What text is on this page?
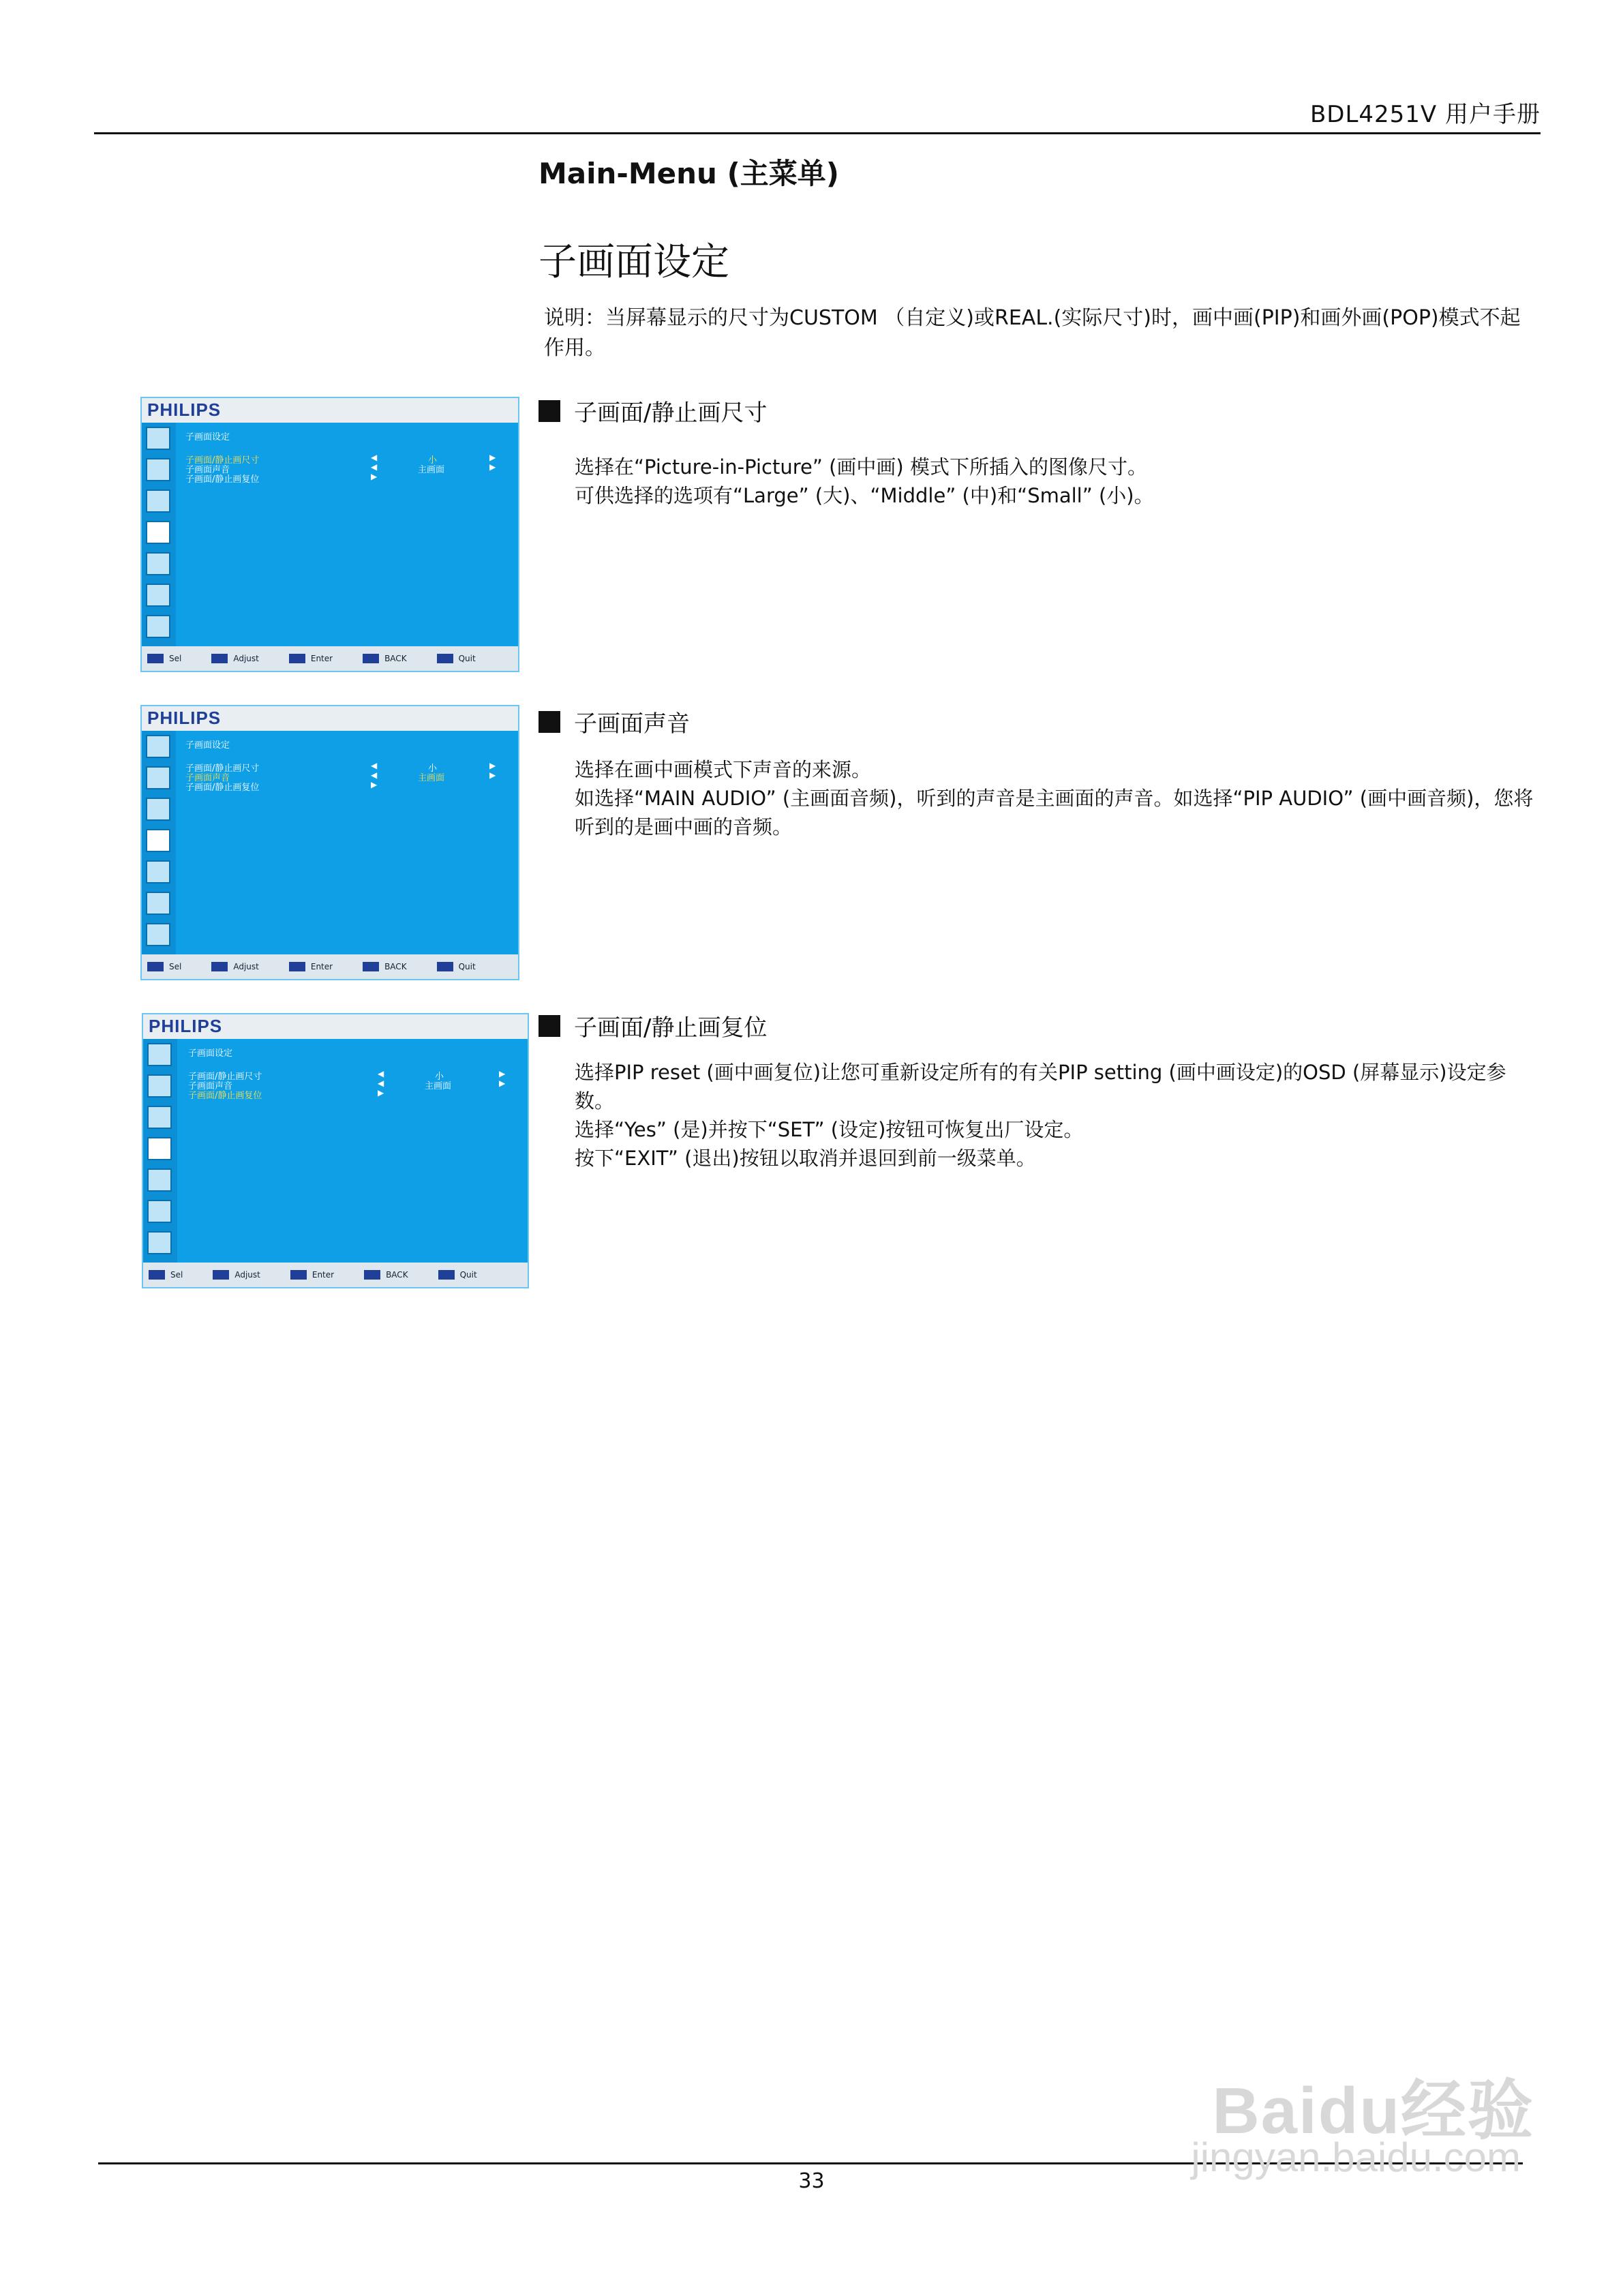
BDL4251V 用户手册
Main-Menu (主菜单)
子画面设定
说明：当屏幕显示的尺寸为CUSTOM （自定义)或REAL.(实际尺寸)时，画中画(PIP)和画外画(POP)模式不起作用。
子画面/静止画尺寸

选择在“Picture-in-Picture” (画中画) 模式下所插入的图像尺寸。

可供选择的选项有“Large” (大)、“Middle” (中)和“Small” (小)。

子画面声音

选择在画中画模式下声音的来源。

如选择“MAIN AUDIO” (主画面音频)，听到的声音是主画面的声音。如选择“PIP AUDIO” (画中画音频)，您将听到的是画中画的音频。

子画面/静止画复位

选择PIP reset (画中画复位)让您可重新设定所有的有关PIP setting (画中画设定)的OSD (屏幕显示)设定参数。

选择“Yes” (是)并按下“SET” (设定)按钮可恢复出厂设定。

按下“EXIT” (退出)按钮以取消并退回到前一级菜单。

PHILIPS
子画面设定
子画面/静止画尺寸
子画面声音
子画面/静止画复位
◀
◀
▶
小
主画面
▶
▶
Sel	Adjust	Enter	BACK	Quit
PHILIPS
子画面设定
子画面/静止画尺寸
子画面声音
子画面/静止画复位
◀
◀
▶
小
主画面
▶
▶
Sel	Adjust	Enter	BACK	Quit
PHILIPS
子画面设定
子画面/静止画尺寸
子画面声音
子画面/静止画复位
◀
◀
▶
小
主画面
▶
▶
Sel	Adjust	Enter	BACK	Quit
33
Baidu经验
jingyan.baidu.com
